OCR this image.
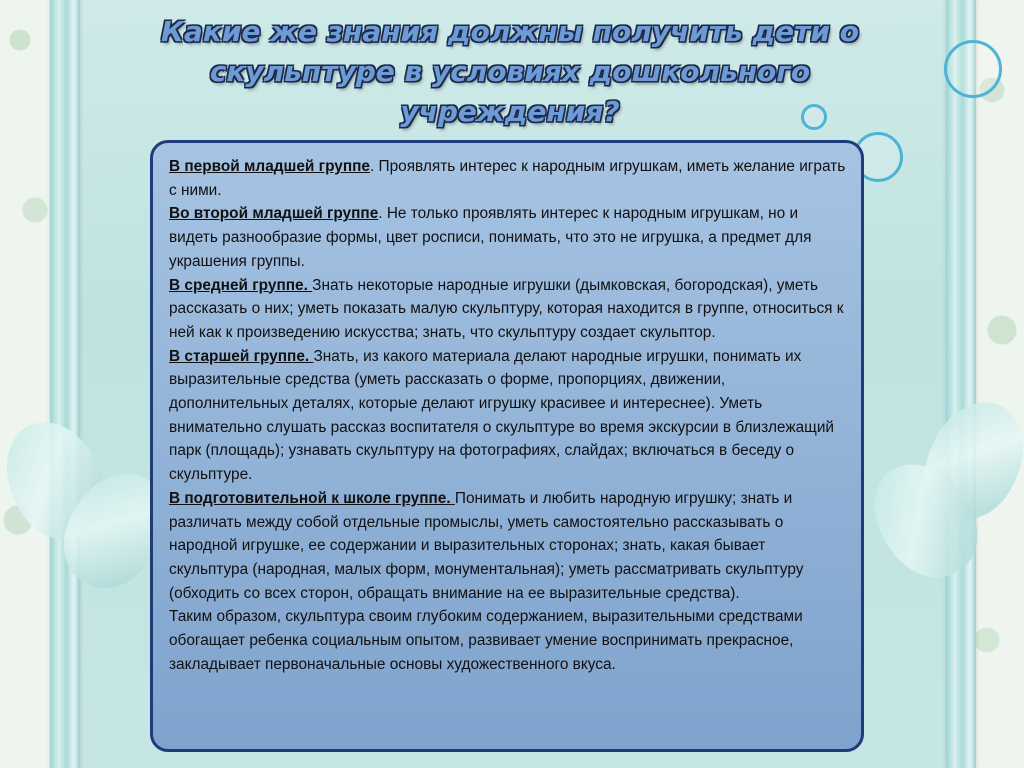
Какие же знания должны получить дети о скульптуре в условиях дошкольного учреждения?

В первой младшей группе. Проявлять интерес к народным игрушкам, иметь желание играть с ними.

Во второй младшей группе. Не только проявлять интерес к народным игрушкам, но и видеть разнообразие формы, цвет росписи, понимать, что это не игрушка, а предмет для украшения группы.

В средней группе. Знать некоторые народные игрушки (дымковская, богородская), уметь рассказать о них; уметь показать малую скульптуру, которая находится в группе, относиться к ней как к произведению искусства; знать, что скульптуру создает скульптор.

В старшей группе. Знать, из какого материала делают народные игрушки, понимать их выразительные средства (уметь рассказать о форме, пропорциях, движении, дополнительных деталях, которые делают игрушку красивее и интереснее). Уметь внимательно слушать рассказ воспитателя о скульптуре во время экскурсии в близлежащий парк (площадь); узнавать скульптуру на фотографиях, слайдах; включаться в беседу о скульптуре.

В подготовительной к школе группе. Понимать и любить народную игрушку; знать и различать между собой отдельные промыслы, уметь самостоятельно рассказывать о народной игрушке, ее содержании и выразительных сторонах; знать, какая бывает скульптура (народная, малых форм, монументальная); уметь рассматривать скульптуру (обходить со всех сторон, обращать внимание на ее выразительные средства).

Таким образом, скульптура своим глубоким содержанием, выразительными средствами обогащает ребенка социальным опытом, развивает умение воспринимать прекрасное, закладывает первоначальные основы художественного вкуса.
